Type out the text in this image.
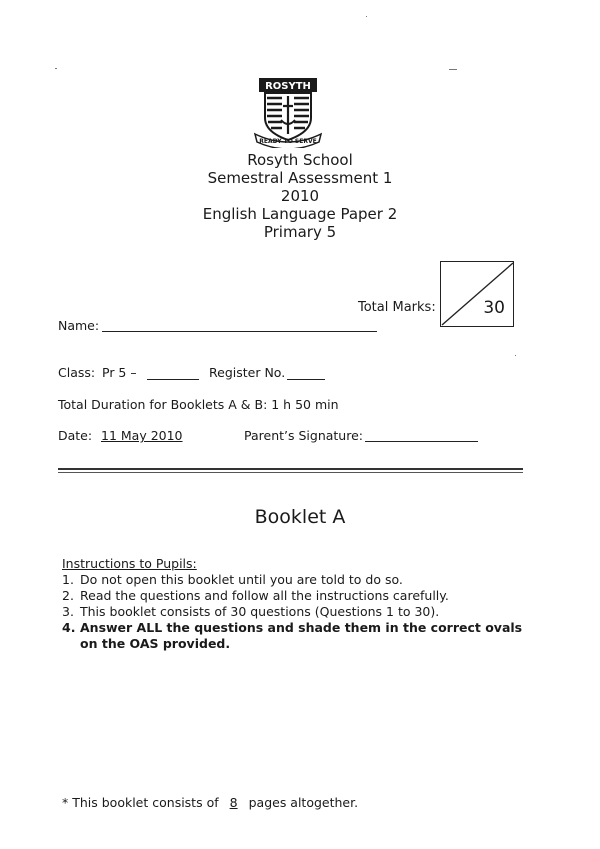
ROSYTH
READY TO SERVE
Rosyth School
Semestral Assessment 1
2010
English Language Paper 2
Primary 5
Total Marks:	30
Name:
Class: Pr 5 –	Register No.
Total Duration for Booklets A & B: 1 h 50 min
Date: 11 May 2010	Parent’s Signature:
Booklet A
Instructions to Pupils:
1. Do not open this booklet until you are told to do so.
2. Read the questions and follow all the instructions carefully.
3. This booklet consists of 30 questions (Questions 1 to 30).
4. Answer ALL the questions and shade them in the correct ovals on the OAS provided.
* This booklet consists of 8 pages altogether.
